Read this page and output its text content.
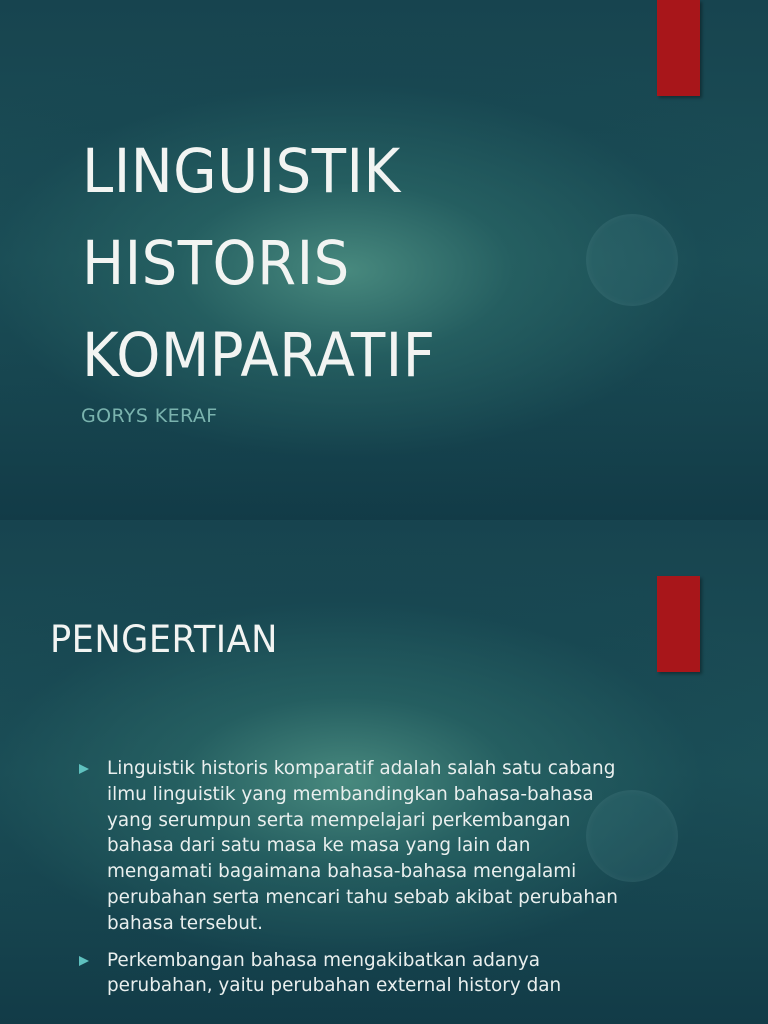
LINGUISTIK
HISTORIS
KOMPARATIF
GORYS KERAF
PENGERTIAN
Linguistik historis komparatif adalah salah satu cabang ilmu linguistik yang membandingkan bahasa-bahasa yang serumpun serta mempelajari perkembangan bahasa dari satu masa ke masa yang lain dan mengamati bagaimana bahasa-bahasa mengalami perubahan serta mencari tahu sebab akibat perubahan bahasa tersebut.
Perkembangan bahasa mengakibatkan adanya perubahan, yaitu perubahan external history dan
